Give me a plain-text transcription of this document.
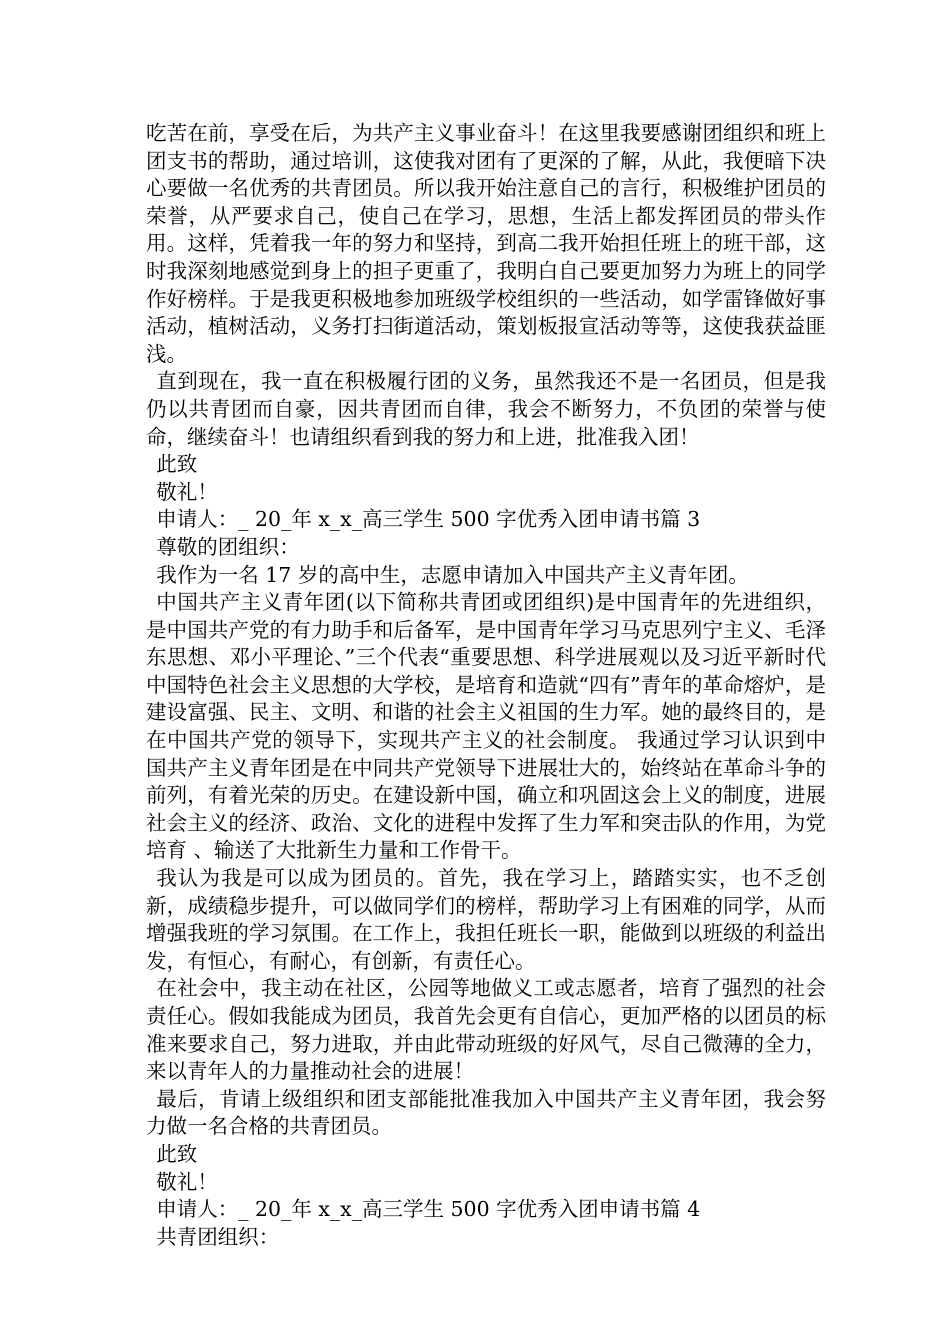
吃苦在前，享受在后，为共产主义事业奋斗！在这里我要感谢团组织和班上团支书的帮助，通过培训，这使我对团有了更深的了解，从此，我便暗下决心要做一名优秀的共青团员。所以我开始注意自己的言行，积极维护团员的荣誉，从严要求自己，使自己在学习，思想，生活上都发挥团员的带头作用。这样，凭着我一年的努力和坚持，到高二我开始担任班上的班干部，这时我深刻地感觉到身上的担子更重了，我明白自己要更加努力为班上的同学作好榜样。于是我更积极地参加班级学校组织的一些活动，如学雷锋做好事活动，植树活动，义务打扫街道活动，策划板报宣活动等等，这使我获益匪浅。

直到现在，我一直在积极履行团的义务，虽然我还不是一名团员，但是我仍以共青团而自豪，因共青团而自律，我会不断努力，不负团的荣誉与使命，继续奋斗！也请组织看到我的努力和上进，批准我入团！

此致

敬礼！

申请人：_ 20_年 x_x_高三学生 500 字优秀入团申请书篇 3

尊敬的团组织：

我作为一名 17 岁的高中生，志愿申请加入中国共产主义青年团。

中国共产主义青年团(以下简称共青团或团组织)是中国青年的先进组织，是中国共产党的有力助手和后备军，是中国青年学习马克思列宁主义、毛泽东思想、邓小平理论、”三个代表“重要思想、科学进展观以及习近平新时代中国特色社会主义思想的大学校，是培育和造就“四有”青年的革命熔炉，是建设富强、民主、文明、和谐的社会主义祖国的生力军。她的最终目的，是在中国共产党的领导下，实现共产主义的社会制度。 我通过学习认识到中国共产主义青年团是在中同共产党领导下进展壮大的，始终站在革命斗争的前列，有着光荣的历史。在建设新中国，确立和巩固这会上义的制度，进展社会主义的经济、政治、文化的进程中发挥了生力军和突击队的作用，为党培育 、输送了大批新生力量和工作骨干。

我认为我是可以成为团员的。首先，我在学习上，踏踏实实，也不乏创新，成绩稳步提升，可以做同学们的榜样，帮助学习上有困难的同学，从而增强我班的学习氛围。在工作上，我担任班长一职，能做到以班级的利益出发，有恒心，有耐心，有创新，有责任心。

在社会中，我主动在社区，公园等地做义工或志愿者，培育了强烈的社会责任心。假如我能成为团员，我首先会更有自信心，更加严格的以团员的标准来要求自己，努力进取，并由此带动班级的好风气，尽自己微薄的全力，来以青年人的力量推动社会的进展！

最后，肯请上级组织和团支部能批准我加入中国共产主义青年团，我会努力做一名合格的共青团员。

此致

敬礼！

申请人：_ 20_年 x_x_高三学生 500 字优秀入团申请书篇 4

共青团组织：
